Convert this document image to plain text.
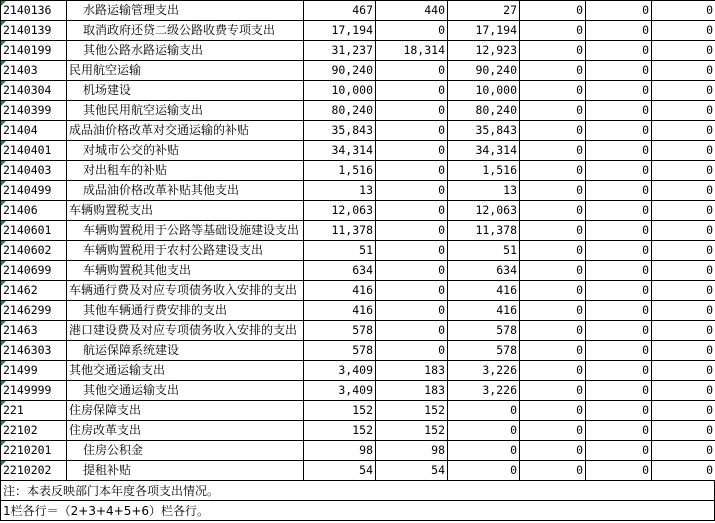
2140136	水路运输管理支出	467	440	27	0	0	0
2140139	取消政府还贷二级公路收费专项支出	17,194	0	17,194	0	0	0
2140199	其他公路水路运输支出	31,237	18,314	12,923	0	0	0
21403	民用航空运输	90,240	0	90,240	0	0	0
2140304	机场建设	10,000	0	10,000	0	0	0
2140399	其他民用航空运输支出	80,240	0	80,240	0	0	0
21404	成品油价格改革对交通运输的补贴	35,843	0	35,843	0	0	0
2140401	对城市公交的补贴	34,314	0	34,314	0	0	0
2140403	对出租车的补贴	1,516	0	1,516	0	0	0
2140499	成品油价格改革补贴其他支出	13	0	13	0	0	0
21406	车辆购置税支出	12,063	0	12,063	0	0	0
2140601	车辆购置税用于公路等基础设施建设支出	11,378	0	11,378	0	0	0
2140602	车辆购置税用于农村公路建设支出	51	0	51	0	0	0
2140699	车辆购置税其他支出	634	0	634	0	0	0
21462	车辆通行费及对应专项债务收入安排的支出	416	0	416	0	0	0
2146299	其他车辆通行费安排的支出	416	0	416	0	0	0
21463	港口建设费及对应专项债务收入安排的支出	578	0	578	0	0	0
2146303	航运保障系统建设	578	0	578	0	0	0
21499	其他交通运输支出	3,409	183	3,226	0	0	0
2149999	其他交通运输支出	3,409	183	3,226	0	0	0
221	住房保障支出	152	152	0	0	0	0
22102	住房改革支出	152	152	0	0	0	0
2210201	住房公积金	98	98	0	0	0	0
2210202	提租补贴	54	54	0	0	0	0
注：本表反映部门本年度各项支出情况。
1栏各行＝（2+3+4+5+6）栏各行。
